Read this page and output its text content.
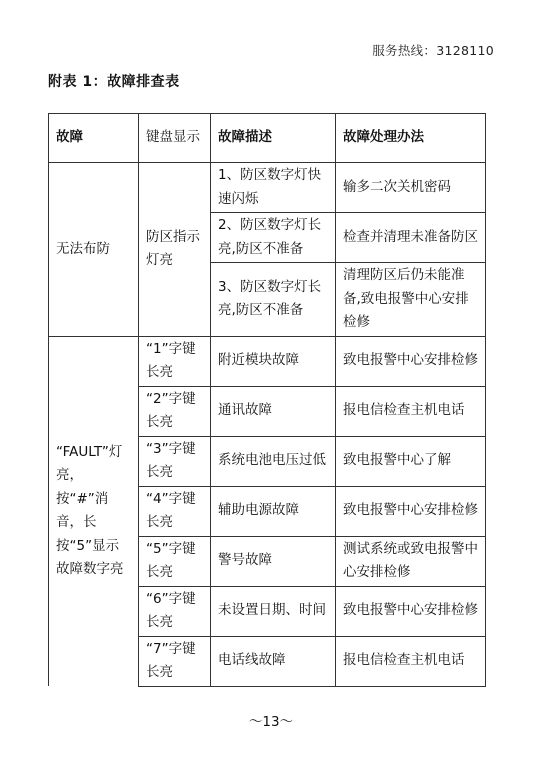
服务热线：3128110
附表 1：故障排查表
故障	键盘显示	故障描述	故障处理办法
无法布防	防区指示灯亮	1、防区数字灯快速闪烁	输多二次关机密码
		2、防区数字灯长亮,防区不准备	检查并清理未准备防区
		3、防区数字灯长亮,防区不准备	清理防区后仍未能准备,致电报警中心安排检修
“FAULT”灯亮，按“#”消音，长按“5”显示故障数字亮	“1”字键长亮	附近模块故障	致电报警中心安排检修
	“2”字键长亮	通讯故障	报电信检查主机电话
	“3”字键长亮	系统电池电压过低	致电报警中心了解
	“4”字键长亮	辅助电源故障	致电报警中心安排检修
	“5”字键长亮	警号故障	测试系统或致电报警中心安排检修
	“6”字键长亮	未设置日期、时间	致电报警中心安排检修
	“7”字键长亮	电话线故障	报电信检查主机电话
～13～
